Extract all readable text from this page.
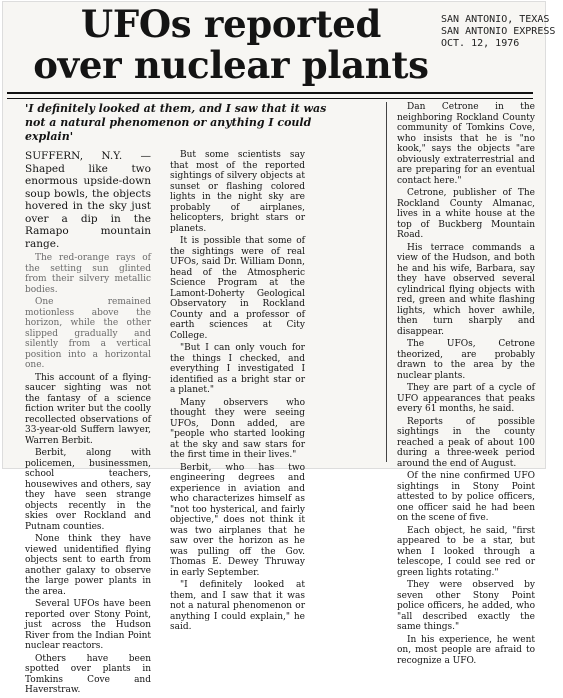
UFOs reported
over nuclear plants
SAN ANTONIO, TEXAS
SAN ANTONIO EXPRESS
OCT. 12, 1976

'I definitely looked at them, and I saw that it was not a natural phenomenon or anything I could explain'

SUFFERN, N.Y. — Shaped like two enormous upside-down soup bowls, the objects hovered in the sky just over a dip in the Ramapo mountain range.

The red-orange rays of the setting sun glinted from their silvery metallic bodies.

One remained motionless above the horizon, while the other slipped gradually and silently from a vertical position into a horizontal one.

This account of a flying-saucer sighting was not the fantasy of a science fiction writer but the coolly recollected observations of 33-year-old Suffern lawyer, Warren Berbit.

Berbit, along with policemen, businessmen, school teachers, housewives and others, say they have seen strange objects recently in the skies over Rockland and Putnam counties.

None think they have viewed unidentified flying objects sent to earth from another galaxy to observe the large power plants in the area.

Several UFOs have been reported over Stony Point, just across the Hudson River from the Indian Point nuclear reactors.

Others have been spotted over plants in Tomkins Cove and Haverstraw.

But some scientists say that most of the reported sightings of silvery objects at sunset or flashing colored lights in the night sky are probably of airplanes, helicopters, bright stars or planets.

It is possible that some of the sightings were of real UFOs, said Dr. William Donn, head of the Atmospheric Science Program at the Lamont-Doherty Geological Observatory in Rockland County and a professor of earth sciences at City College.

"But I can only vouch for the things I checked, and everything I investigated I identified as a bright star or a planet."

Many observers who thought they were seeing UFOs, Donn added, are "people who started looking at the sky and saw stars for the first time in their lives."

Berbit, who has two engineering degrees and experience in aviation and who characterizes himself as "not too hysterical, and fairly objective," does not think it was two airplanes that he saw over the horizon as he was pulling off the Gov. Thomas E. Dewey Thruway in early September.

"I definitely looked at them, and I saw that it was not a natural phenomenon or anything I could explain," he said.

Dan Cetrone in the neighboring Rockland County community of Tomkins Cove, who insists that he is "no kook," says the objects "are obviously extraterrestrial and are preparing for an eventual contact here."

Cetrone, publisher of The Rockland County Almanac, lives in a white house at the top of Buckberg Mountain Road.

His terrace commands a view of the Hudson, and both he and his wife, Barbara, say they have observed several cylindrical flying objects with red, green and white flashing lights, which hover awhile, then turn sharply and disappear.

The UFOs, Cetrone theorized, are probably drawn to the area by the nuclear plants.

They are part of a cycle of UFO appearances that peaks every 61 months, he said.

Reports of possible sightings in the county reached a peak of about 100 during a three-week period around the end of August.

Of the nine confirmed UFO sightings in Stony Point attested to by police officers, one officer said he had been on the scene of five.

Each object, he said, "first appeared to be a star, but when I looked through a telescope, I could see red or green lights rotating."

They were observed by seven other Stony Point police officers, he added, who "all described exactly the same things."

In his experience, he went on, most people are afraid to recognize a UFO.
